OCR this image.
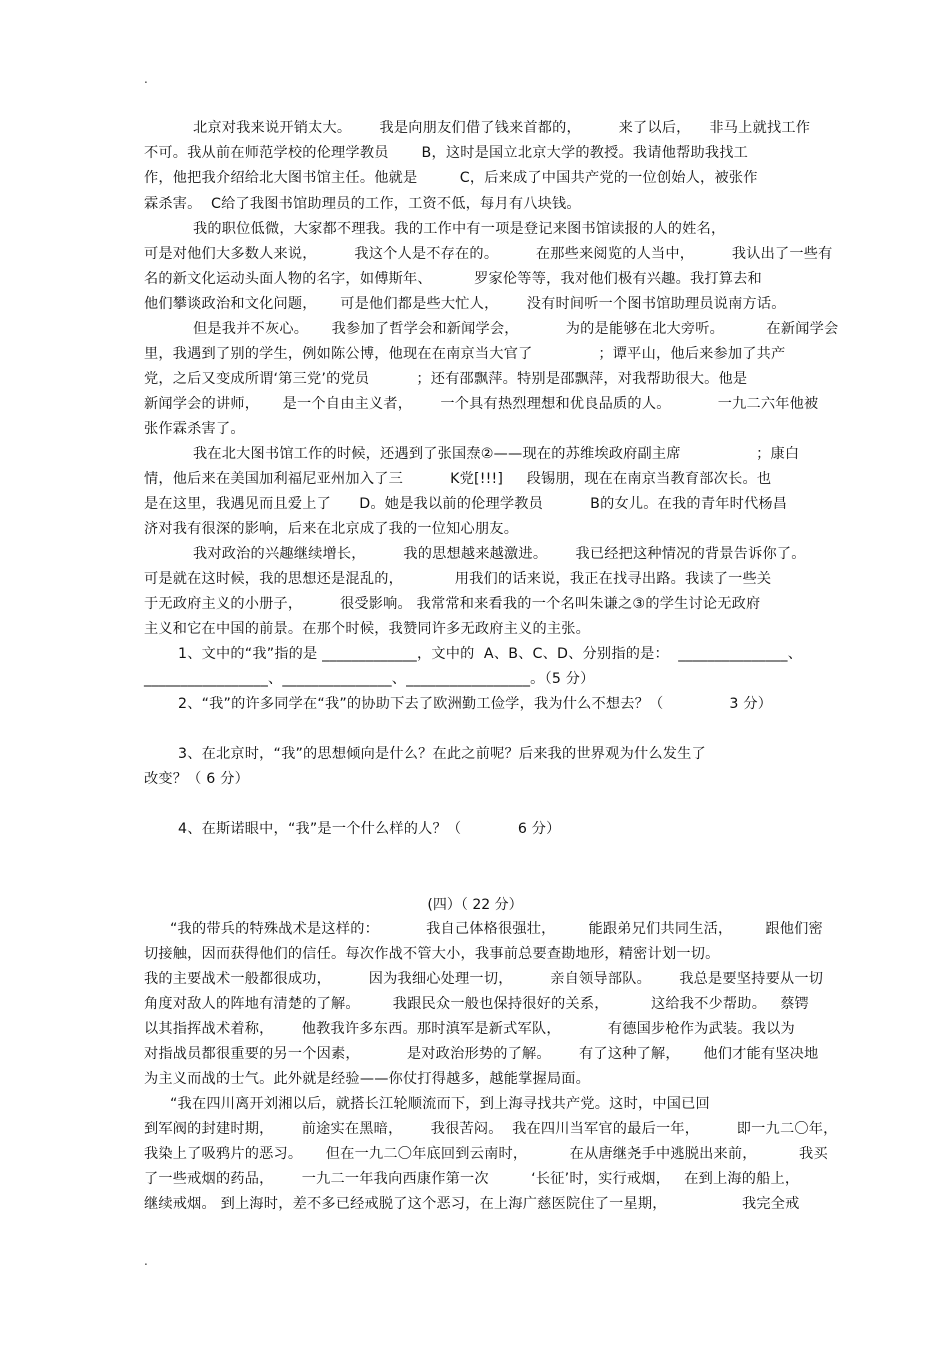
.
北京对我来说开销太大。      我是向朋友们借了钱来首都的，        来了以后，    非马上就找工作
不可。我从前在师范学校的伦理学教员       B，这时是国立北京大学的教授。我请他帮助我找工
作，他把我介绍给北大图书馆主任。他就是         C，后来成了中国共产党的一位创始人，被张作
霖杀害。  C给了我图书馆助理员的工作，工资不低，每月有八块钱。
我的职位低微，大家都不理我。我的工作中有一项是登记来图书馆读报的人的姓名，
可是对他们大多数人来说，        我这个人是不存在的。        在那些来阅览的人当中，        我认出了一些有
名的新文化运动头面人物的名字，如傅斯年、         罗家伦等等，我对他们极有兴趣。我打算去和
他们攀谈政治和文化问题，     可是他们都是些大忙人，      没有时间听一个图书馆助理员说南方话。
但是我并不灰心。     我参加了哲学会和新闻学会，          为的是能够在北大旁听。         在新闻学会
里，我遇到了别的学生，例如陈公博，他现在在南京当大官了              ；谭平山，他后来参加了共产
党，之后又变成所谓‘第三党’的党员          ；还有邵飘萍。特别是邵飘萍，对我帮助很大。他是
新闻学会的讲师，     是一个自由主义者，      一个具有热烈理想和优良品质的人。          一九二六年他被
张作霖杀害了。
我在北大图书馆工作的时候，还遇到了张国焘②——现在的苏维埃政府副主席                ；康白
情，他后来在美国加利福尼亚州加入了三          K党[!!!]     段锡朋，现在在南京当教育部次长。也
是在这里，我遇见而且爱上了      D。她是我以前的伦理学教员          B的女儿。在我的青年时代杨昌
济对我有很深的影响，后来在北京成了我的一位知心朋友。
我对政治的兴趣继续增长，        我的思想越来越激进。      我已经把这种情况的背景告诉你了。
可是就在这时候，我的思想还是混乱的，           用我们的话来说，我正在找寻出路。我读了一些关
于无政府主义的小册子，        很受影响。 我常常和来看我的一个名叫朱谦之③的学生讨论无政府
主义和它在中国的前景。在那个时候，我赞同许多无政府主义的主张。
1、文中的“我”指的是 _____________，文中的  A、B、C、D、分别指的是：  _______________、
_________________、_______________、_________________。（5 分）
2、“我”的许多同学在“我”的协助下去了欧洲勤工俭学，我为什么不想去？（              3 分）
3、在北京时，“我”的思想倾向是什么？在此之前呢？后来我的世界观为什么发生了
改变？（ 6 分）
4、在斯诺眼中，“我”是一个什么样的人？（            6 分）
(四）（ 22 分）
“我的带兵的特殊战术是这样的：          我自己体格很强壮，       能跟弟兄们共同生活，       跟他们密
切接触，因而获得他们的信任。每次作战不管大小，我事前总要查勘地形，精密计划一切。
我的主要战术一般都很成功，        因为我细心处理一切，        亲自领导部队。      我总是要坚持要从一切
角度对敌人的阵地有清楚的了解。       我跟民众一般也保持很好的关系，         这给我不少帮助。   蔡锷
以其指挥战术着称，      他教我许多东西。那时滇军是新式军队，          有德国步枪作为武装。我以为
对指战员都很重要的另一个因素，          是对政治形势的了解。      有了这种了解，     他们才能有坚决地
为主义而战的士气。此外就是经验——你仗打得越多，越能掌握局面。
“我在四川离开刘湘以后，就搭长江轮顺流而下，到上海寻找共产党。这时，中国已回
到军阀的封建时期，      前途实在黑暗，      我很苦闷。  我在四川当军官的最后一年，        即一九二〇年，
我染上了吸鸦片的恶习。     但在一九二〇年底回到云南时，         在从唐继尧手中逃脱出来前，         我买
了一些戒烟的药品，      一九二一年我向西康作第一次         ‘长征’时，实行戒烟，   在到上海的船上，
继续戒烟。 到上海时，差不多已经戒脱了这个恶习，在上海广慈医院住了一星期，                我完全戒
.
